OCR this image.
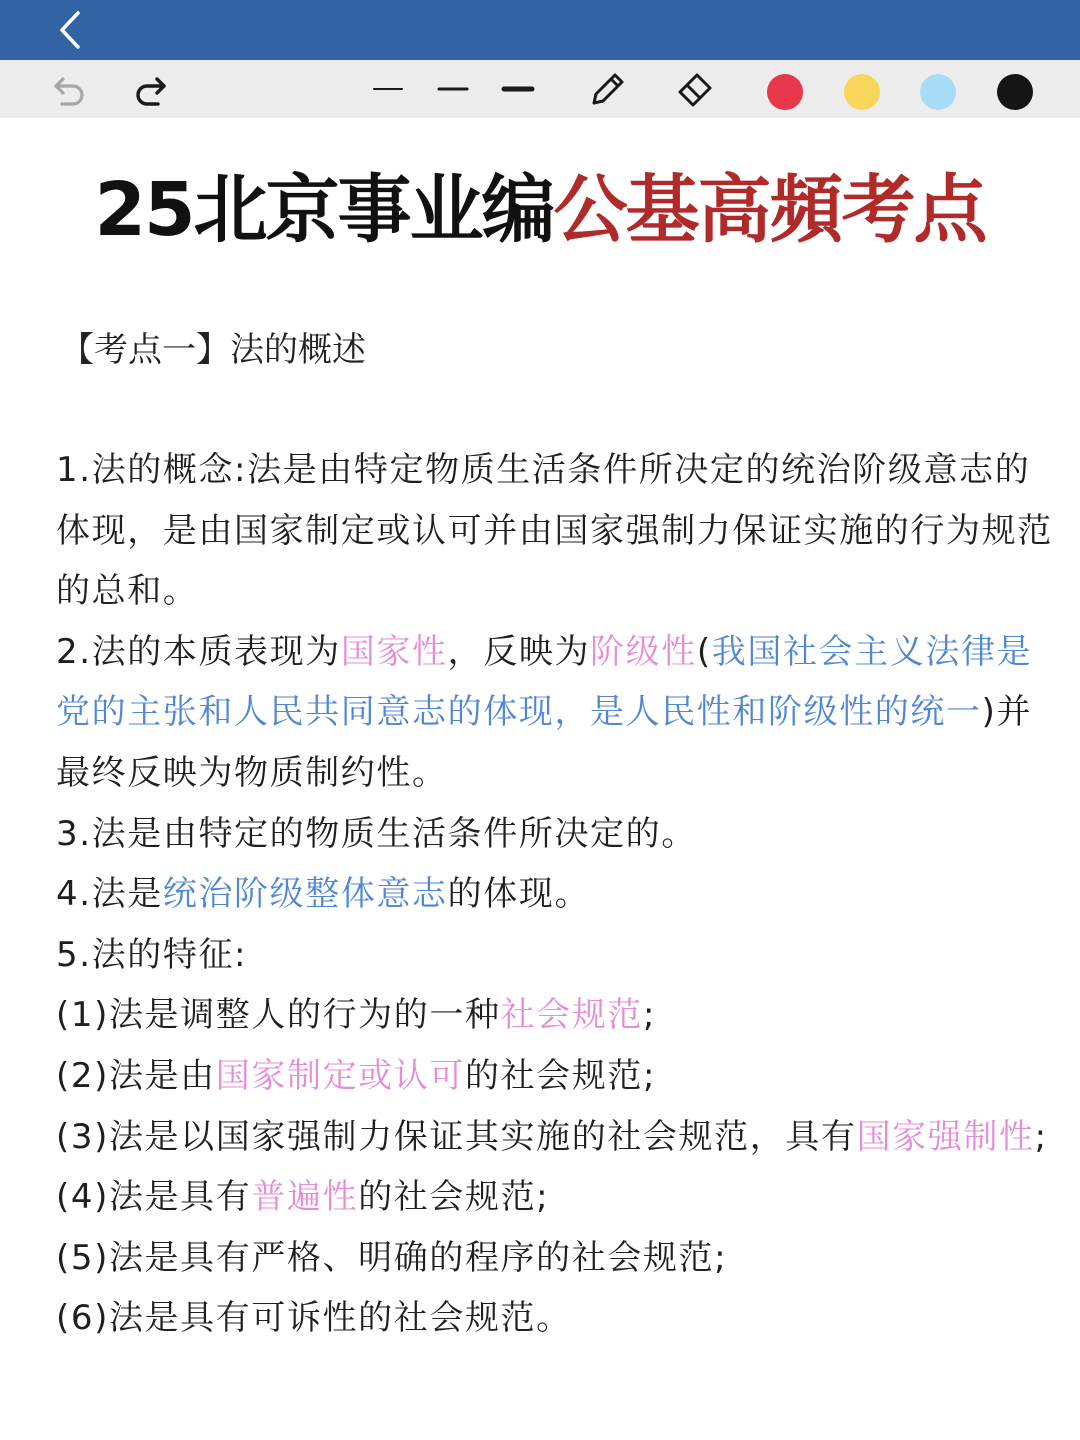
25北京事业编公基高頻考点
【考点一】法的概述

1.法的概念:法是由特定物质生活条件所决定的统治阶级意志的体现，是由国家制定或认可并由国家强制力保证实施的行为规范的总和。

2.法的本质表现为国家性，反映为阶级性(我国社会主义法律是党的主张和人民共同意志的体现，是人民性和阶级性的统一)并最终反映为物质制约性。

3.法是由特定的物质生活条件所决定的。

4.法是统治阶级整体意志的体现。

5.法的特征:

(1)法是调整人的行为的一种社会规范;

(2)法是由国家制定或认可的社会规范;

(3)法是以国家强制力保证其实施的社会规范，具有国家强制性;

(4)法是具有普遍性的社会规范;

(5)法是具有严格、明确的程序的社会规范;

(6)法是具有可诉性的社会规范。
